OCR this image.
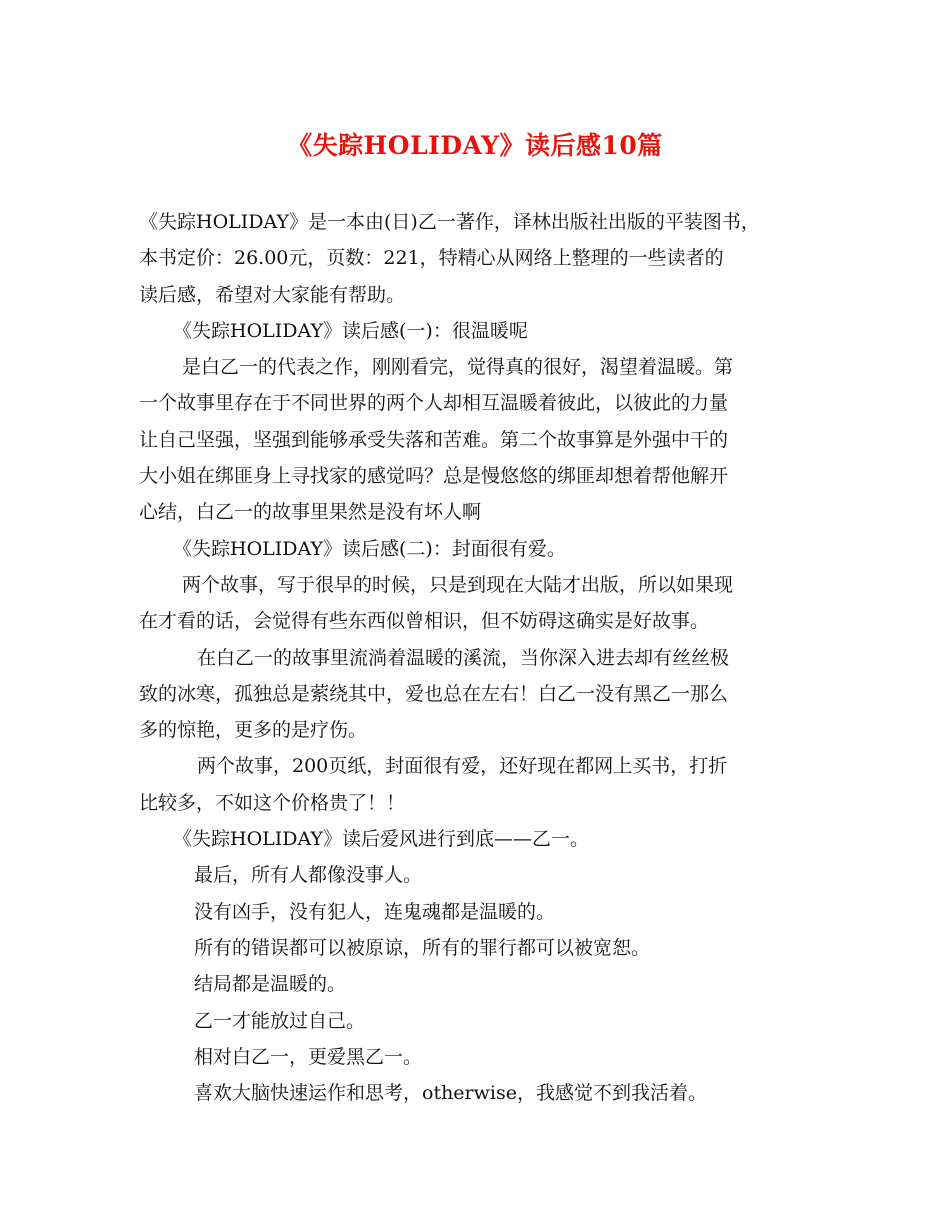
《失踪HOLIDAY》读后感10篇
《失踪HOLIDAY》是一本由(日)乙一著作，译林出版社出版的平装图书，
本书定价：26.00元，页数：221，特精心从网络上整理的一些读者的
读后感，希望对大家能有帮助。
《失踪HOLIDAY》读后感(一)：很温暖呢
是白乙一的代表之作，刚刚看完，觉得真的很好，渴望着温暖。第
一个故事里存在于不同世界的两个人却相互温暖着彼此，以彼此的力量
让自己坚强，坚强到能够承受失落和苦难。第二个故事算是外强中干的
大小姐在绑匪身上寻找家的感觉吗？总是慢悠悠的绑匪却想着帮他解开
心结，白乙一的故事里果然是没有坏人啊
《失踪HOLIDAY》读后感(二)：封面很有爱。
两个故事，写于很早的时候，只是到现在大陆才出版，所以如果现
在才看的话，会觉得有些东西似曾相识，但不妨碍这确实是好故事。
在白乙一的故事里流淌着温暖的溪流，当你深入进去却有丝丝极
致的冰寒，孤独总是萦绕其中，爱也总在左右！白乙一没有黑乙一那么
多的惊艳，更多的是疗伤。
两个故事，200页纸，封面很有爱，还好现在都网上买书，打折
比较多，不如这个价格贵了！！
《失踪HOLIDAY》读后爱风进行到底——乙一。
最后，所有人都像没事人。
没有凶手，没有犯人，连鬼魂都是温暖的。
所有的错误都可以被原谅，所有的罪行都可以被宽恕。
结局都是温暖的。
乙一才能放过自己。
相对白乙一，更爱黑乙一。
喜欢大脑快速运作和思考，otherwise，我感觉不到我活着。
